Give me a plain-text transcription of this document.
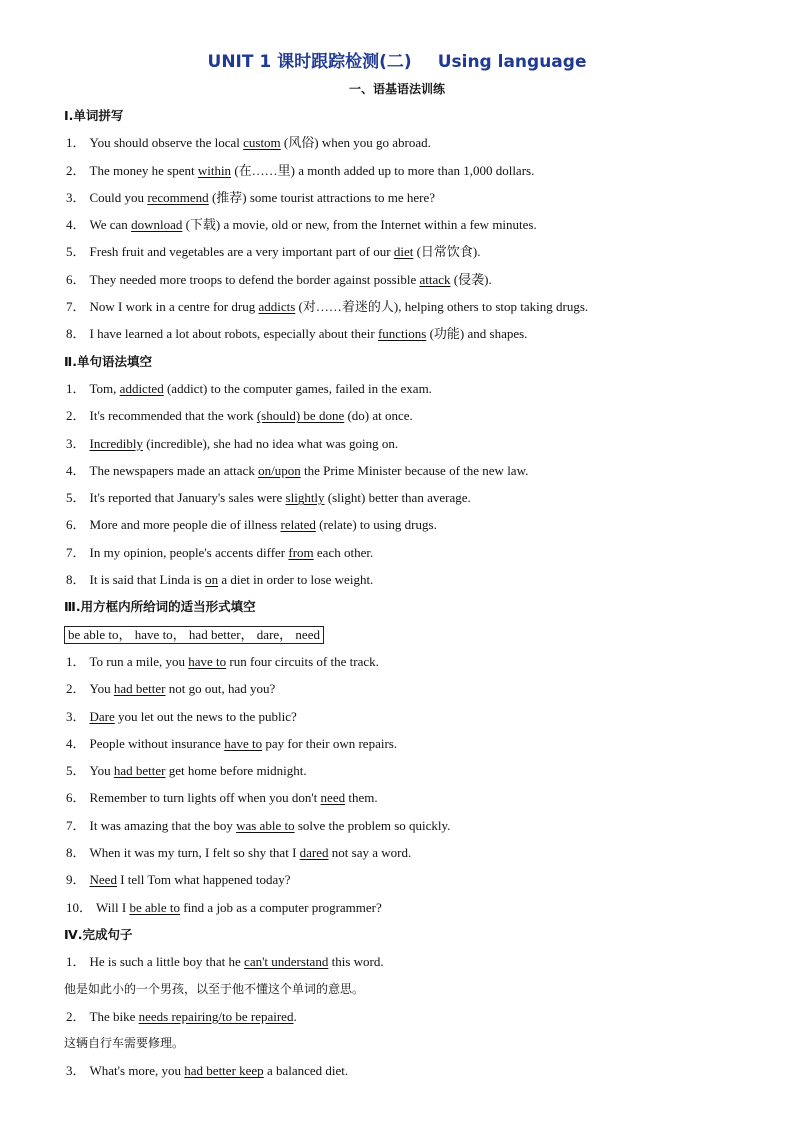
UNIT 1 课时跟踪检测(二) Using language
一、语基语法训练
Ⅰ.单词拼写
1． You should observe the local custom (风俗) when you go abroad.
2． The money he spent within (在……里) a month added up to more than 1,000 dollars.
3． Could you recommend (推荐) some tourist attractions to me here?
4． We can download (下载) a movie, old or new, from the Internet within a few minutes.
5． Fresh fruit and vegetables are a very important part of our diet (日常饮食).
6． They needed more troops to defend the border against possible attack (侵袭).
7． Now I work in a centre for drug addicts (对……着迷的人), helping others to stop taking drugs.
8． I have learned a lot about robots, especially about their functions (功能) and shapes.
Ⅱ.单句语法填空
1． Tom, addicted (addict) to the computer games, failed in the exam.
2． It's recommended that the work (should) be done (do) at once.
3． Incredibly (incredible), she had no idea what was going on.
4． The newspapers made an attack on/upon the Prime Minister because of the new law.
5． It's reported that January's sales were slightly (slight) better than average.
6． More and more people die of illness related (relate) to using drugs.
7． In my opinion, people's accents differ from each other.
8． It is said that Linda is on a diet in order to lose weight.
Ⅲ.用方框内所给词的适当形式填空
be able to， have to， had better， dare， need
1． To run a mile, you have to run four circuits of the track.
2． You had better not go out, had you?
3． Dare you let out the news to the public?
4． People without insurance have to pay for their own repairs.
5． You had better get home before midnight.
6． Remember to turn lights off when you don't need them.
7． It was amazing that the boy was able to solve the problem so quickly.
8． When it was my turn, I felt so shy that I dared not say a word.
9． Need I tell Tom what happened today?
10． Will I be able to find a job as a computer programmer?
Ⅳ.完成句子
1． He is such a little boy that he can't understand this word.
他是如此小的一个男孩，以至于他不懂这个单词的意思。
2． The bike needs repairing/to be repaired.
这辆自行车需要修理。
3． What's more, you had better keep a balanced diet.
